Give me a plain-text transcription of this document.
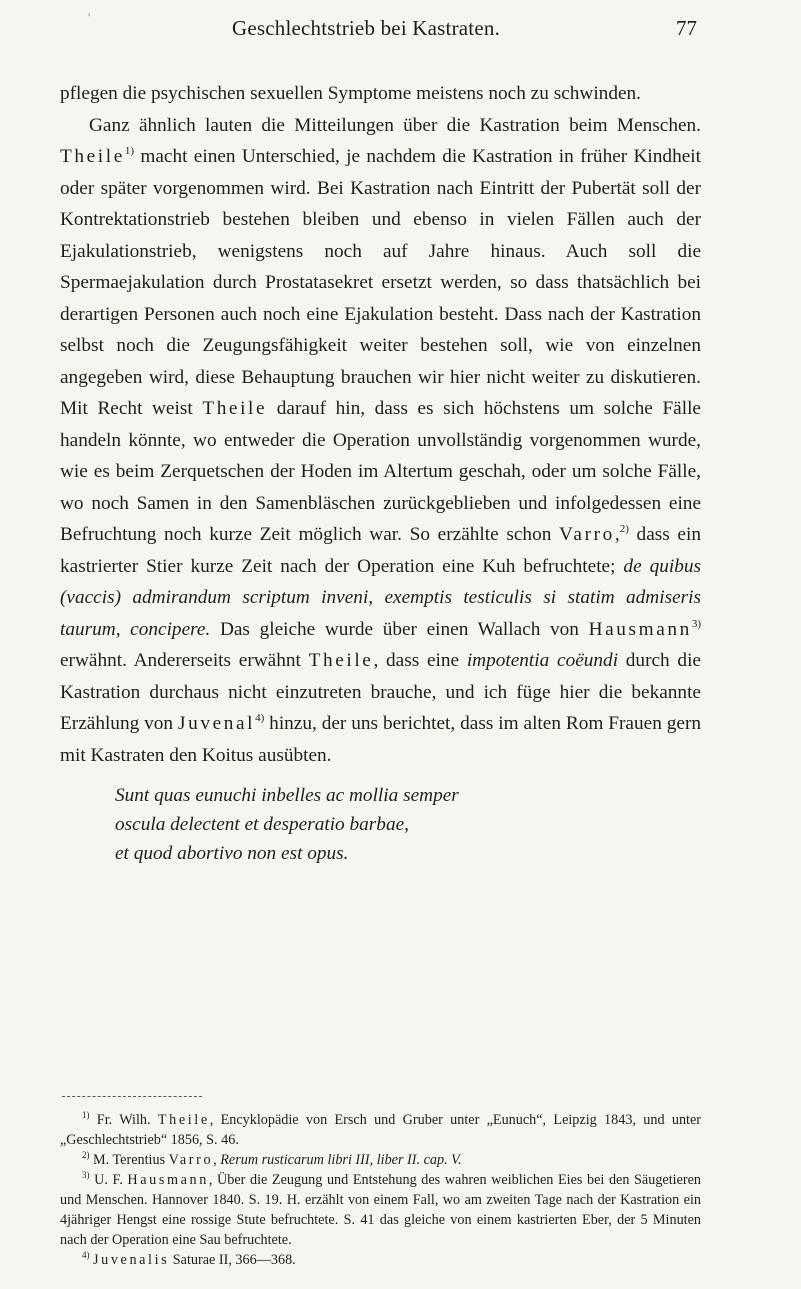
'	Geschlechtstrieb bei Kastraten.	77

pflegen die psychischen sexuellen Symptome meistens noch zu schwinden.

Ganz ähnlich lauten die Mitteilungen über die Kastration beim Menschen. Theile$^{1)}$ macht einen Unterschied, je nachdem die Kastration in früher Kindheit oder später vorgenommen wird. Bei Kastration nach Eintritt der Pubertät soll der Kontrektationstrieb bestehen bleiben und ebenso in vielen Fällen auch der Ejakulationstrieb, wenigstens noch auf Jahre hinaus. Auch soll die Spermaejakulation durch Prostatasekret ersetzt werden, so dass thatsächlich bei derartigen Personen auch noch eine Ejakulation besteht. Dass nach der Kastration selbst noch die Zeugungsfähigkeit weiter bestehen soll, wie von einzelnen angegeben wird, diese Behauptung brauchen wir hier nicht weiter zu diskutieren. Mit Recht weist Theile darauf hin, dass es sich höchstens um solche Fälle handeln könnte, wo entweder die Operation unvollständig vorgenommen wurde, wie es beim Zerquetschen der Hoden im Altertum geschah, oder um solche Fälle, wo noch Samen in den Samenbläschen zurückgeblieben und infolgedessen eine Befruchtung noch kurze Zeit möglich war. So erzählte schon Varro,$^{2)}$ dass ein kastrierter Stier kurze Zeit nach der Operation eine Kuh befruchtete; de quibus (vaccis) admirandum scriptum inveni, exemptis testiculis si statim admiseris taurum, concipere. Das gleiche wurde über einen Wallach von Hausmann$^{3)}$ erwähnt. Andererseits erwähnt Theile, dass eine impotentia coëundi durch die Kastration durchaus nicht einzutreten brauche, und ich füge hier die bekannte Erzählung von Juvenal$^{4)}$ hinzu, der uns berichtet, dass im alten Rom Frauen gern mit Kastraten den Koitus ausübten.

Sunt quas eunuchi inbelles ac mollia semper
oscula delectent et desperatio barbae,
et quod abortivo non est opus.

$^{1)}$ Fr. Wilh. Theile, Encyklopädie von Ersch und Gruber unter „Eunuch“, Leipzig 1843, und unter „Geschlechtstrieb“ 1856, S. 46.

$^{2)}$ M. Terentius Varro, Rerum rusticarum libri III, liber II. cap. V.

$^{3)}$ U. F. Hausmann, Über die Zeugung und Entstehung des wahren weiblichen Eies bei den Säugetieren und Menschen. Hannover 1840. S. 19. H. erzählt von einem Fall, wo am zweiten Tage nach der Kastration ein 4jähriger Hengst eine rossige Stute befruchtete. S. 41 das gleiche von einem kastrierten Eber, der 5 Minuten nach der Operation eine Sau befruchtete.

$^{4)}$ Juvenalis Saturae II, 366—368.
